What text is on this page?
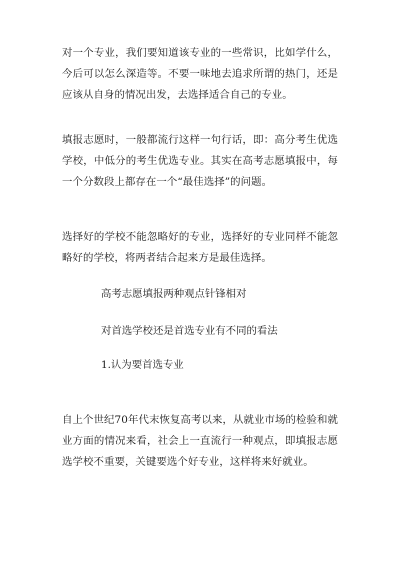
对一个专业，我们要知道该专业的一些常识，比如学什么，今后可以怎么深造等。不要一味地去追求所谓的热门，还是应该从自身的情况出发，去选择适合自己的专业。

填报志愿时，一般都流行这样一句行话，即：高分考生优选学校，中低分的考生优选专业。其实在高考志愿填报中，每一个分数段上都存在一个“最佳选择”的问题。

选择好的学校不能忽略好的专业，选择好的专业同样不能忽略好的学校，将两者结合起来方是最佳选择。

高考志愿填报两种观点针锋相对

对首选学校还是首选专业有不同的看法

1.认为要首选专业

自上个世纪70年代末恢复高考以来，从就业市场的检验和就业方面的情况来看，社会上一直流行一种观点，即填报志愿选学校不重要，关键要选个好专业，这样将来好就业。
